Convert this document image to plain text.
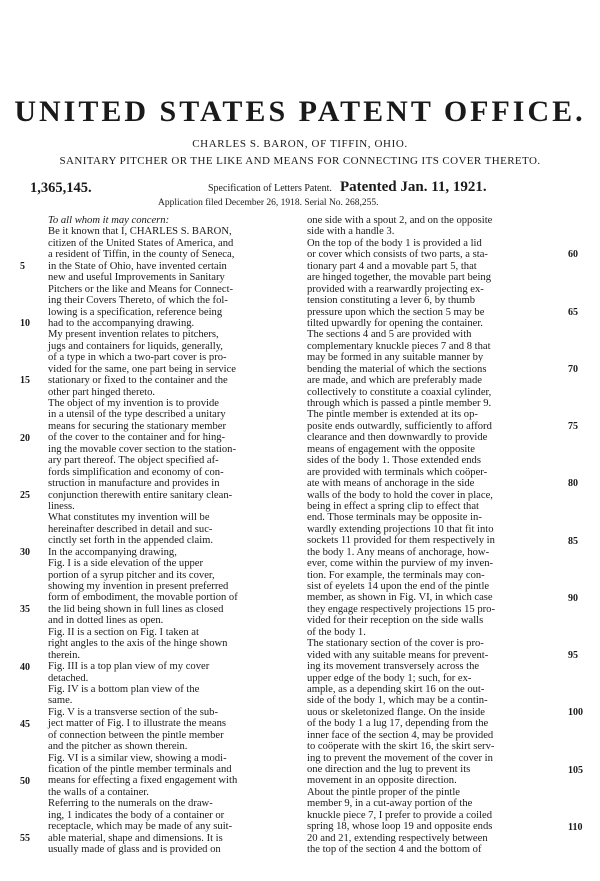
UNITED STATES PATENT OFFICE.
CHARLES S. BARON, OF TIFFIN, OHIO.
SANITARY PITCHER OR THE LIKE AND MEANS FOR CONNECTING ITS COVER THERETO.
1,365,145.	Specification of Letters Patent. Patented Jan. 11, 1921.
Application filed December 26, 1918. Serial No. 268,255.
To all whom it may concern:
Be it known that I, CHARLES S. BARON,
citizen of the United States of America, and
a resident of Tiffin, in the county of Seneca,
in the State of Ohio, have invented certain
new and useful Improvements in Sanitary
Pitchers or the like and Means for Connect-
ing their Covers Thereto, of which the fol-
lowing is a specification, reference being
had to the accompanying drawing.
My present invention relates to pitchers,
jugs and containers for liquids, generally,
of a type in which a two-part cover is pro-
vided for the same, one part being in service
stationary or fixed to the container and the
other part hinged thereto.
The object of my invention is to provide
in a utensil of the type described a unitary
means for securing the stationary member
of the cover to the container and for hing-
ing the movable cover section to the station-
ary part thereof. The object specified af-
fords simplification and economy of con-
struction in manufacture and provides in
conjunction therewith entire sanitary clean-
liness.
What constitutes my invention will be
hereinafter described in detail and suc-
cinctly set forth in the appended claim.
In the accompanying drawing,
Fig. I is a side elevation of the upper
portion of a syrup pitcher and its cover,
showing my invention in present preferred
form of embodiment, the movable portion of
the lid being shown in full lines as closed
and in dotted lines as open.
Fig. II is a section on Fig. I taken at
right angles to the axis of the hinge shown
therein.
Fig. III is a top plan view of my cover
detached.
Fig. IV is a bottom plan view of the
same.
Fig. V is a transverse section of the sub-
ject matter of Fig. I to illustrate the means
of connection between the pintle member
and the pitcher as shown therein.
Fig. VI is a similar view, showing a modi-
fication of the pintle member terminals and
means for effecting a fixed engagement with
the walls of a container.
Referring to the numerals on the draw-
ing, 1 indicates the body of a container or
receptacle, which may be made of any suit-
able material, shape and dimensions. It is
usually made of glass and is provided on
one side with a spout 2, and on the opposite
side with a handle 3.
On the top of the body 1 is provided a lid
or cover which consists of two parts, a sta-
tionary part 4 and a movable part 5, that
are hinged together, the movable part being
provided with a rearwardly projecting ex-
tension constituting a lever 6, by thumb
pressure upon which the section 5 may be
tilted upwardly for opening the container.
The sections 4 and 5 are provided with
complementary knuckle pieces 7 and 8 that
may be formed in any suitable manner by
bending the material of which the sections
are made, and which are preferably made
collectively to constitute a coaxial cylinder,
through which is passed a pintle member 9.
The pintle member is extended at its op-
posite ends outwardly, sufficiently to afford
clearance and then downwardly to provide
means of engagement with the opposite
sides of the body 1. Those extended ends
are provided with terminals which coöper-
ate with means of anchorage in the side
walls of the body to hold the cover in place,
being in effect a spring clip to effect that
end. Those terminals may be opposite in-
wardly extending projections 10 that fit into
sockets 11 provided for them respectively in
the body 1. Any means of anchorage, how-
ever, come within the purview of my inven-
tion. For example, the terminals may con-
sist of eyelets 14 upon the end of the pintle
member, as shown in Fig. VI, in which case
they engage respectively projections 15 pro-
vided for their reception on the side walls
of the body 1.
The stationary section of the cover is pro-
vided with any suitable means for prevent-
ing its movement transversely across the
upper edge of the body 1; such, for ex-
ample, as a depending skirt 16 on the out-
side of the body 1, which may be a contin-
uous or skeletonized flange. On the inside
of the body 1 a lug 17, depending from the
inner face of the section 4, may be provided
to coöperate with the skirt 16, the skirt serv-
ing to prevent the movement of the cover in
one direction and the lug to prevent its
movement in an opposite direction.
About the pintle proper of the pintle
member 9, in a cut-away portion of the
knuckle piece 7, I prefer to provide a coiled
spring 18, whose loop 19 and opposite ends
20 and 21, extending respectively between
the top of the section 4 and the bottom of
5
10
15
20
25
30
35
40
45
50
55
60
65
70
75
80
85
90
95
100
105
110
